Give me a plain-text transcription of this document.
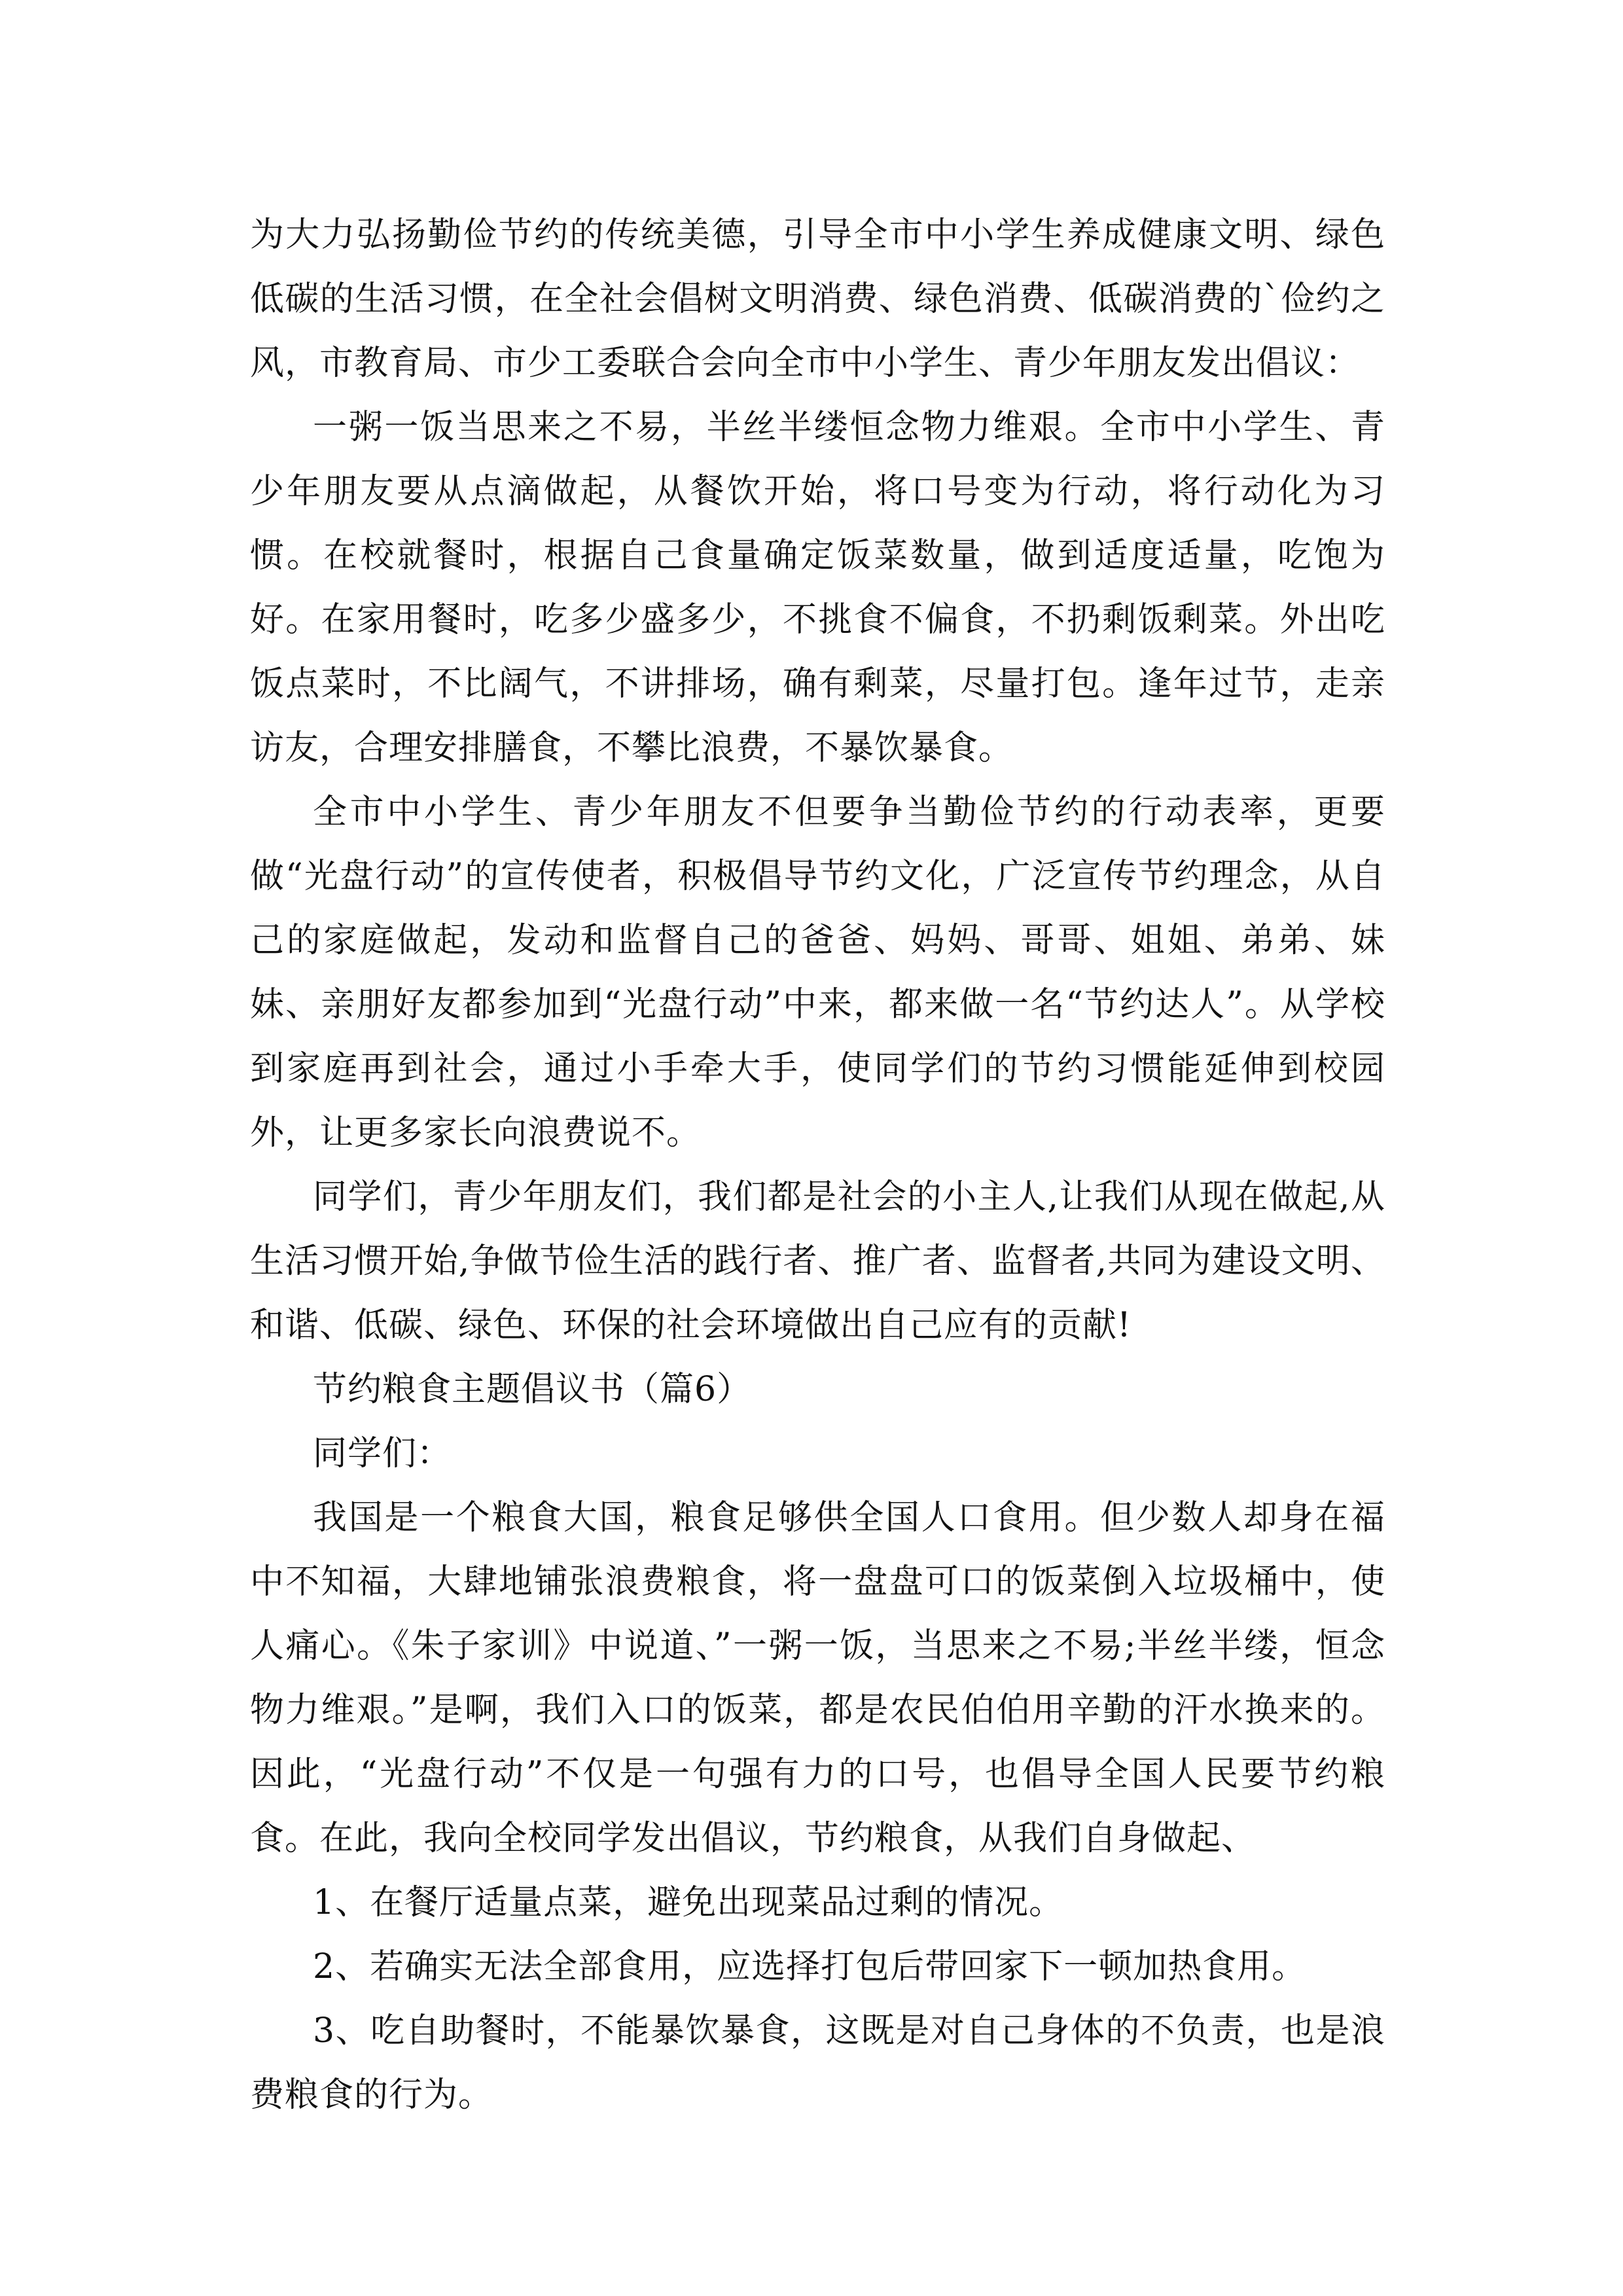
为大力弘扬勤俭节约的传统美德，引导全市中小学生养成健康文明、绿色低碳的生活习惯，在全社会倡树文明消费、绿色消费、低碳消费的`俭约之风，市教育局、市少工委联合会向全市中小学生、青少年朋友发出倡议：

一粥一饭当思来之不易，半丝半缕恒念物力维艰。全市中小学生、青少年朋友要从点滴做起，从餐饮开始，将口号变为行动，将行动化为习惯。在校就餐时，根据自己食量确定饭菜数量，做到适度适量，吃饱为好。在家用餐时，吃多少盛多少，不挑食不偏食，不扔剩饭剩菜。外出吃饭点菜时，不比阔气，不讲排场，确有剩菜，尽量打包。逢年过节，走亲访友，合理安排膳食，不攀比浪费，不暴饮暴食。

全市中小学生、青少年朋友不但要争当勤俭节约的行动表率，更要做“光盘行动”的宣传使者，积极倡导节约文化，广泛宣传节约理念，从自己的家庭做起，发动和监督自己的爸爸、妈妈、哥哥、姐姐、弟弟、妹妹、亲朋好友都参加到“光盘行动”中来，都来做一名“节约达人”。从学校到家庭再到社会，通过小手牵大手，使同学们的节约习惯能延伸到校园外，让更多家长向浪费说不。

同学们，青少年朋友们，我们都是社会的小主人,让我们从现在做起,从生活习惯开始,争做节俭生活的践行者、推广者、监督者,共同为建设文明、和谐、低碳、绿色、环保的社会环境做出自己应有的贡献!

节约粮食主题倡议书（篇6）

同学们：

我国是一个粮食大国，粮食足够供全国人口食用。但少数人却身在福中不知福，大肆地铺张浪费粮食，将一盘盘可口的饭菜倒入垃圾桶中，使人痛心。《朱子家训》中说道、”一粥一饭，当思来之不易;半丝半缕，恒念物力维艰。”是啊，我们入口的饭菜，都是农民伯伯用辛勤的汗水换来的。因此，“光盘行动”不仅是一句强有力的口号，也倡导全国人民要节约粮食。在此，我向全校同学发出倡议，节约粮食，从我们自身做起、

1、在餐厅适量点菜，避免出现菜品过剩的情况。

2、若确实无法全部食用，应选择打包后带回家下一顿加热食用。

3、吃自助餐时，不能暴饮暴食，这既是对自己身体的不负责，也是浪费粮食的行为。
